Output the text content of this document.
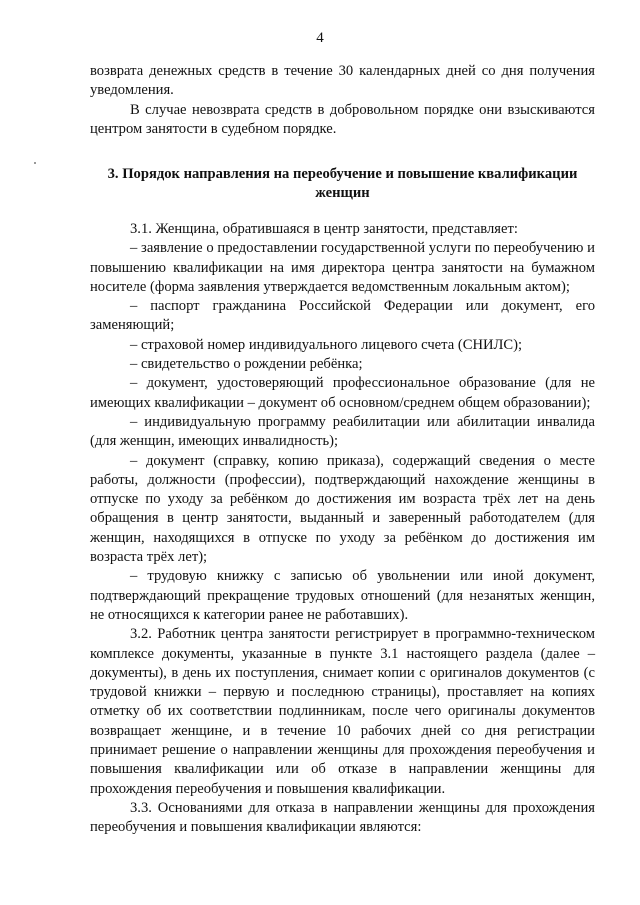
4

возврата денежных средств в течение 30 календарных дней со дня получения уведомления.

В случае невозврата средств в добровольном порядке они взыскиваются центром занятости в судебном порядке.

3. Порядок направления на переобучение и повышение квалификации женщин

3.1. Женщина, обратившаяся в центр занятости, представляет:

– заявление о предоставлении государственной услуги по переобучению и повышению квалификации на имя директора центра занятости на бумажном носителе (форма заявления утверждается ведомственным локальным актом);

– паспорт гражданина Российской Федерации или документ, его заменяющий;

– страховой номер индивидуального лицевого счета (СНИЛС);

– свидетельство о рождении ребёнка;

– документ, удостоверяющий профессиональное образование (для не имеющих квалификации – документ об основном/среднем общем образовании);

– индивидуальную программу реабилитации или абилитации инвалида (для женщин, имеющих инвалидность);

– документ (справку, копию приказа), содержащий сведения о месте работы, должности (профессии), подтверждающий нахождение женщины в отпуске по уходу за ребёнком до достижения им возраста трёх лет на день обращения в центр занятости, выданный и заверенный работодателем (для женщин, находящихся в отпуске по уходу за ребёнком до достижения им возраста трёх лет);

– трудовую книжку с записью об увольнении или иной документ, подтверждающий прекращение трудовых отношений (для незанятых женщин, не относящихся к категории ранее не работавших).

3.2. Работник центра занятости регистрирует в программно-техническом комплексе документы, указанные в пункте 3.1 настоящего раздела (далее – документы), в день их поступления, снимает копии с оригиналов документов (с трудовой книжки – первую и последнюю страницы), проставляет на копиях отметку об их соответствии подлинникам, после чего оригиналы документов возвращает женщине, и в течение 10 рабочих дней со дня регистрации принимает решение о направлении женщины для прохождения переобучения и повышения квалификации или об отказе в направлении женщины для прохождения переобучения и повышения квалификации.

3.3. Основаниями для отказа в направлении женщины для прохождения переобучения и повышения квалификации являются:
